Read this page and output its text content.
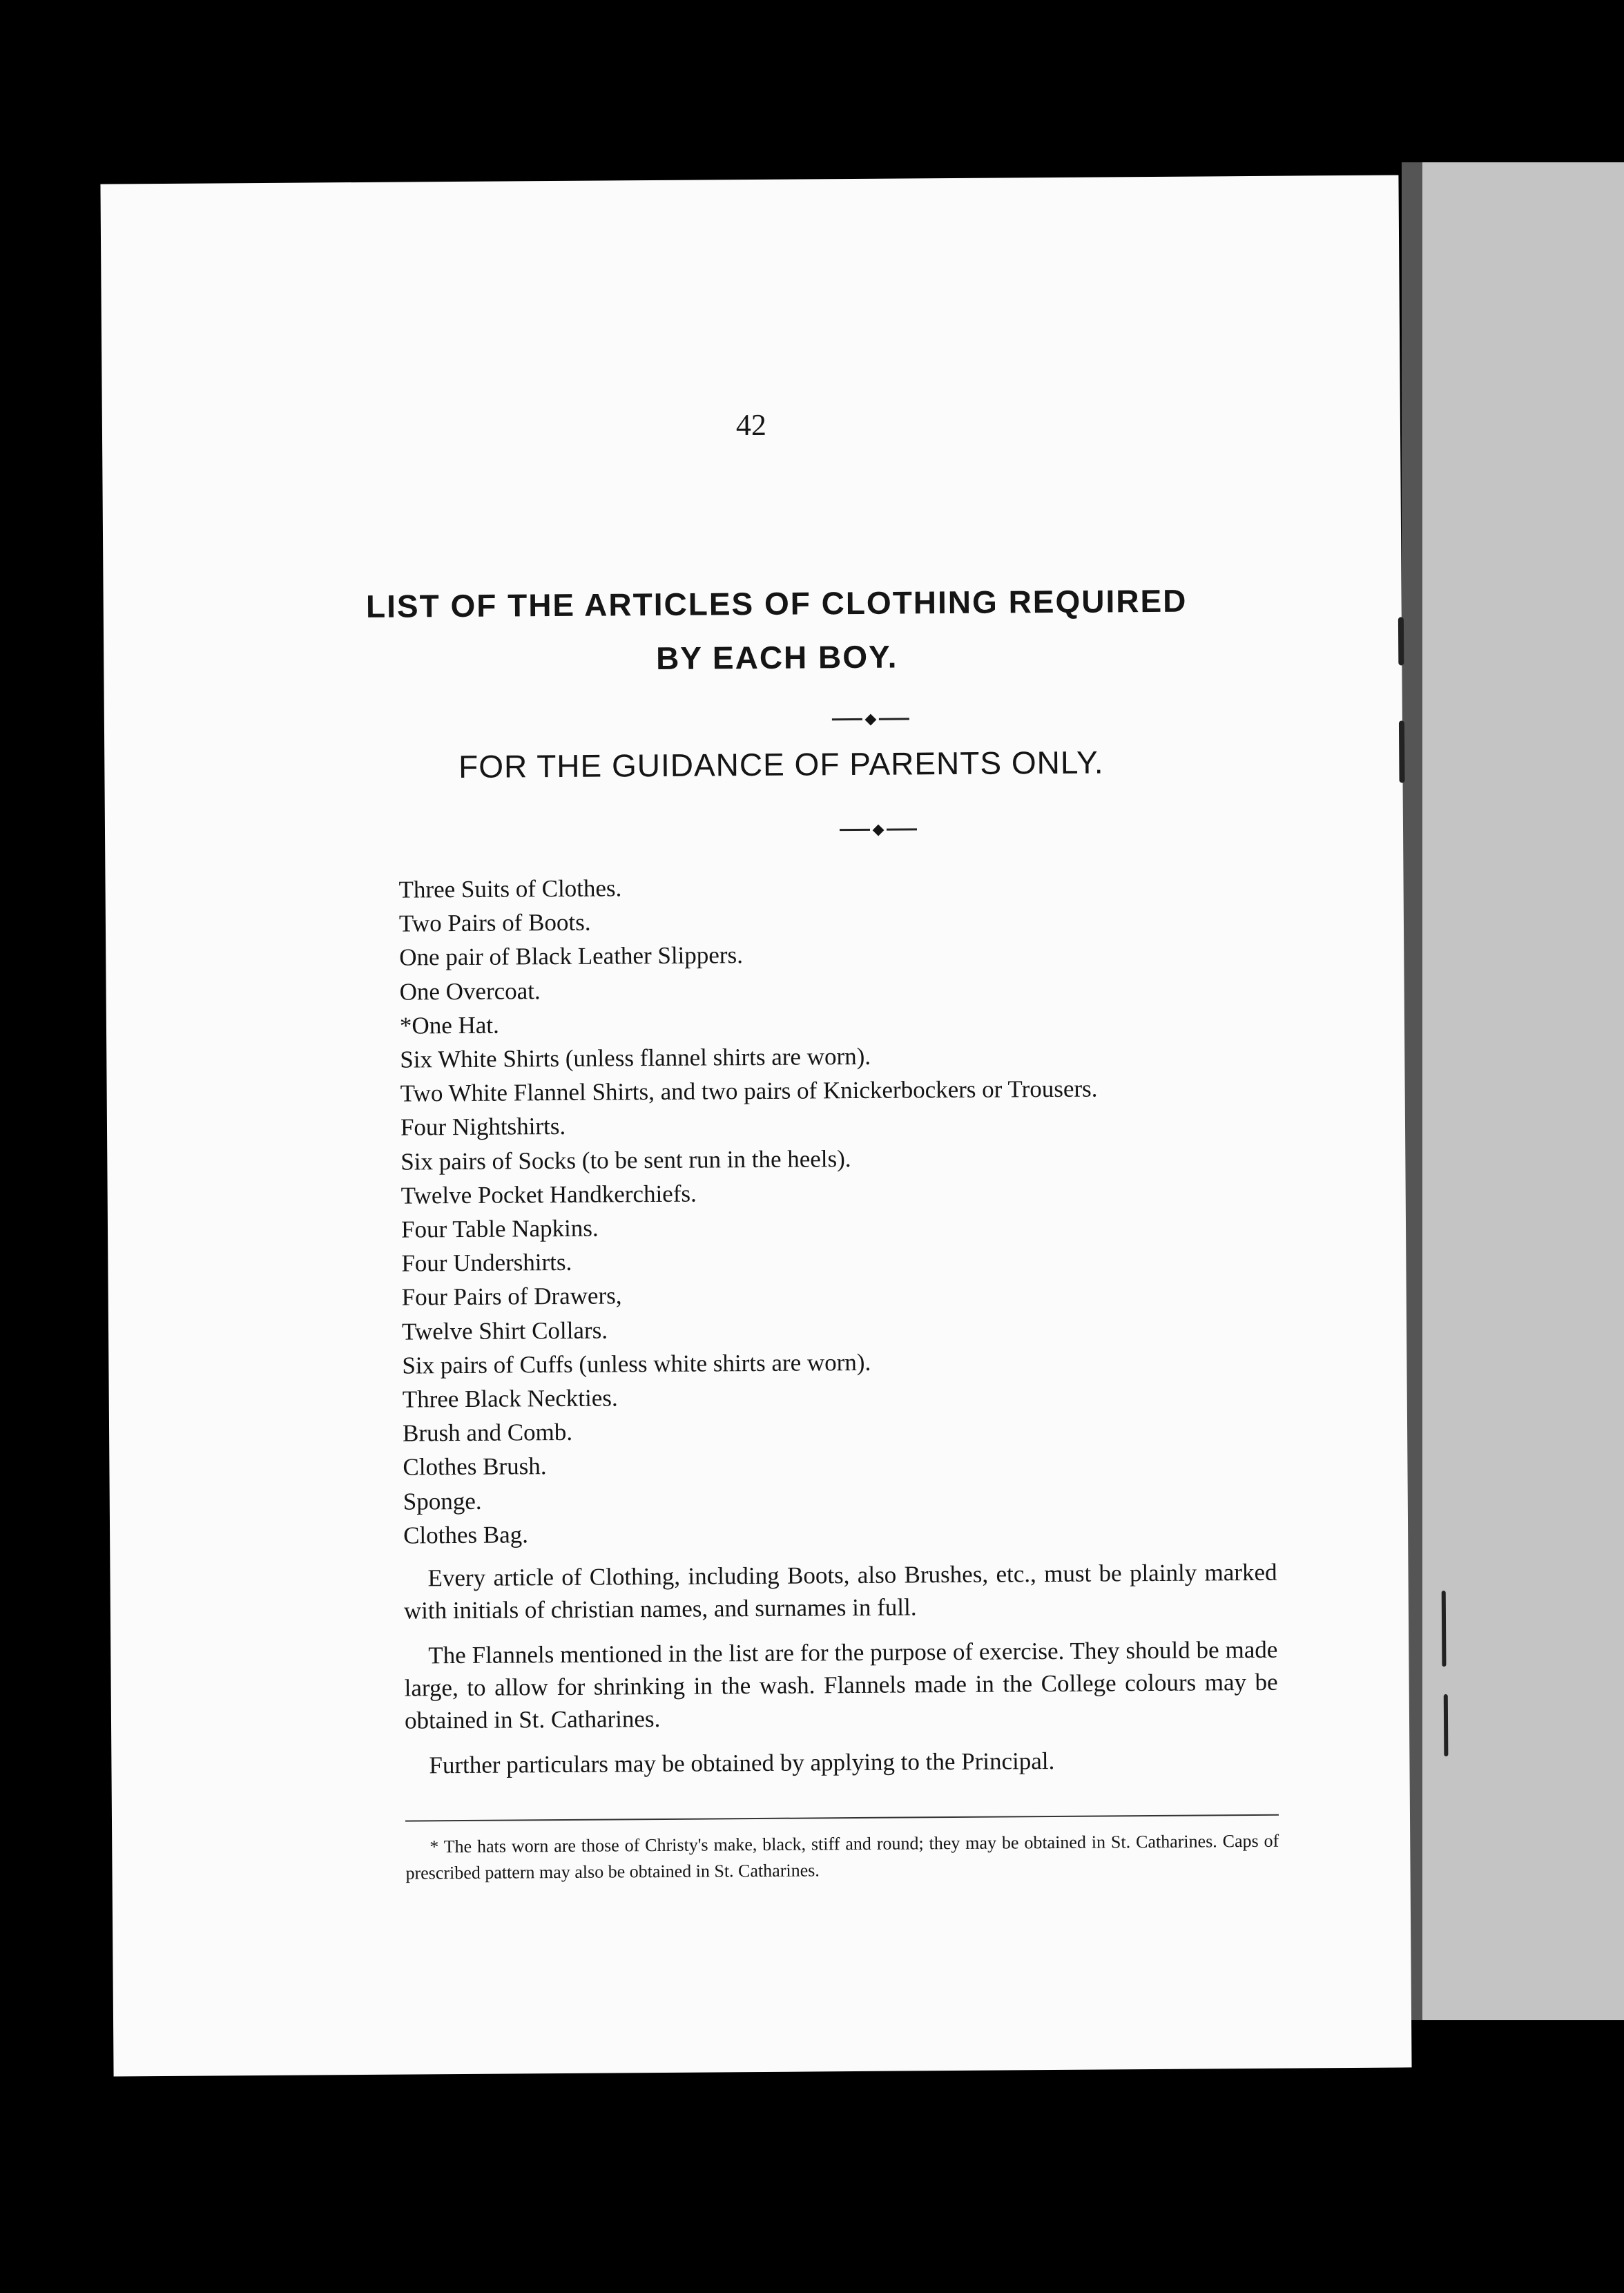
42
LIST OF THE ARTICLES OF CLOTHING REQUIRED
BY EACH BOY.
◆
FOR THE GUIDANCE OF PARENTS ONLY.
◆
Three Suits of Clothes.
Two Pairs of Boots.
One pair of Black Leather Slippers.
One Overcoat.
*One Hat.
Six White Shirts (unless flannel shirts are worn).
Two White Flannel Shirts, and two pairs of Knickerbockers or Trousers.
Four Nightshirts.
Six pairs of Socks (to be sent run in the heels).
Twelve Pocket Handkerchiefs.
Four Table Napkins.
Four Undershirts.
Four Pairs of Drawers,
Twelve Shirt Collars.
Six pairs of Cuffs (unless white shirts are worn).
Three Black Neckties.
Brush and Comb.
Clothes Brush.
Sponge.
Clothes Bag.

Every article of Clothing, including Boots, also Brushes, etc., must be plainly marked with initials of christian names, and surnames in full.

The Flannels mentioned in the list are for the purpose of exercise. They should be made large, to allow for shrinking in the wash. Flannels made in the College colours may be obtained in St. Catharines.

Further particulars may be obtained by applying to the Principal.

* The hats worn are those of Christy's make, black, stiff and round; they may be obtained in St. Catharines. Caps of prescribed pattern may also be obtained in St. Catharines.
